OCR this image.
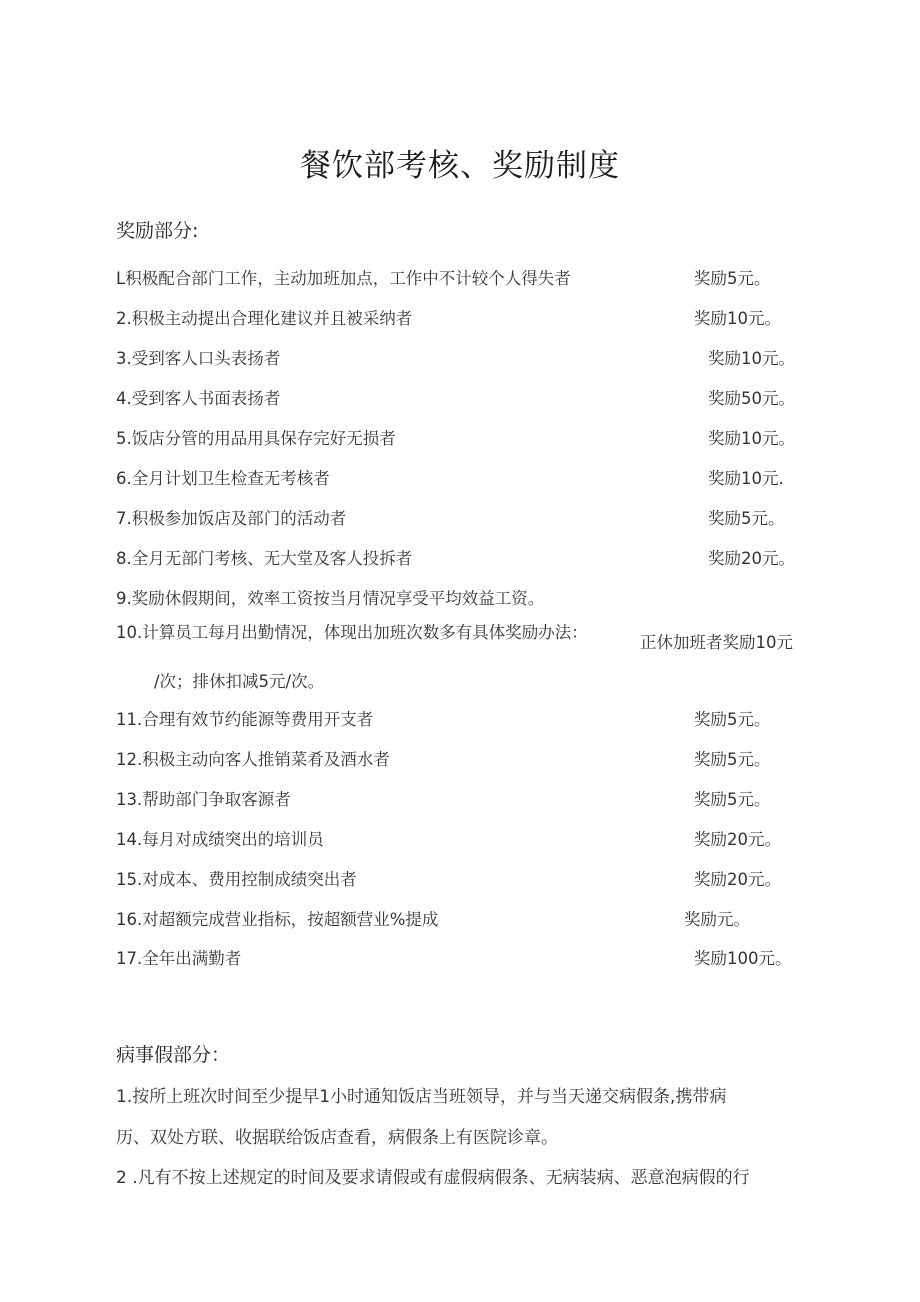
餐饮部考核、奖励制度
奖励部分:
L积极配合部门工作，主动加班加点，工作中不计较个人得失者	奖励5元。
2.积极主动提出合理化建议并且被采纳者	奖励10元。
3.受到客人口头表扬者	奖励10元。
4.受到客人书面表扬者	奖励50元。
5.饭店分管的用品用具保存完好无损者	奖励10元。
6.全月计划卫生检查无考核者	奖励10元.
7.积极参加饭店及部门的活动者	奖励5元。
8.全月无部门考核、无大堂及客人投拆者	奖励20元。
9.奖励休假期间，效率工资按当月情况享受平均效益工资。
10.计算员工每月出勤情况，体现出加班次数多有具体奖励办法：
正休加班者奖励10元
/次；排休扣减5元/次。
11.合理有效节约能源等费用开支者	奖励5元。
12.积极主动向客人推销菜肴及酒水者	奖励5元。
13.帮助部门争取客源者	奖励5元。
14.每月对成绩突出的培训员	奖励20元。
15.对成本、费用控制成绩突出者	奖励20元。
16.对超额完成营业指标，按超额营业%提成	奖励元。
17.全年出满勤者	奖励100元。
病事假部分：
1.按所上班次时间至少提早1小时通知饭店当班领导，并与当天递交病假条,携带病
历、双处方联、收据联给饭店查看，病假条上有医院诊章。
2 .凡有不按上述规定的时间及要求请假或有虚假病假条、无病装病、恶意泡病假的行
